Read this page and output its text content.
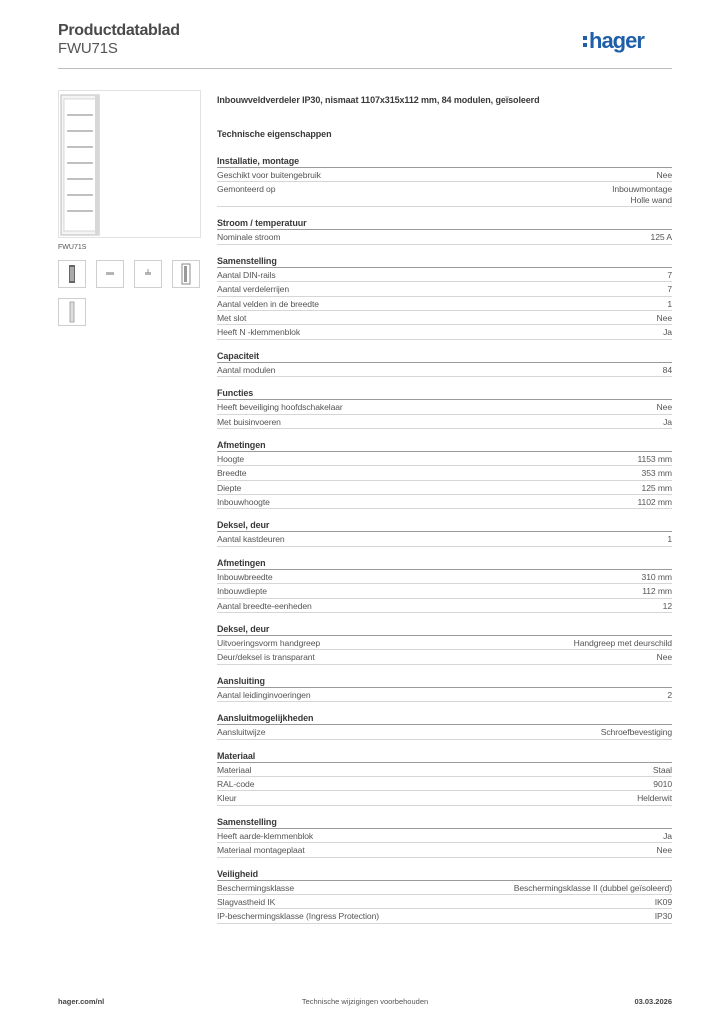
Productdatablad
FWU71S	hager
FWU71S
Inbouwveldverdeler IP30, nismaat 1107x315x112 mm, 84 modulen, geïsoleerd
Technische eigenschappen
Installatie, montage
Geschikt voor buitengebruik	Nee
Gemonteerd op	Inbouwmontage
Holle wand
Stroom / temperatuur
Nominale stroom	125 A
Samenstelling
Aantal DIN-rails	7
Aantal verdelerrijen	7
Aantal velden in de breedte	1
Met slot	Nee
Heeft N -klemmenblok	Ja
Capaciteit
Aantal modulen	84
Functies
Heeft beveiliging hoofdschakelaar	Nee
Met buisinvoeren	Ja
Afmetingen
Hoogte	1153 mm
Breedte	353 mm
Diepte	125 mm
Inbouwhoogte	1102 mm
Deksel, deur
Aantal kastdeuren	1
Afmetingen
Inbouwbreedte	310 mm
Inbouwdiepte	112 mm
Aantal breedte-eenheden	12
Deksel, deur
Uitvoeringsvorm handgreep	Handgreep met deurschild
Deur/deksel is transparant	Nee
Aansluiting
Aantal leidinginvoeringen	2
Aansluitmogelijkheden
Aansluitwijze	Schroefbevestiging
Materiaal
Materiaal	Staal
RAL-code	9010
Kleur	Helderwit
Samenstelling
Heeft aarde-klemmenblok	Ja
Materiaal montageplaat	Nee
Veiligheid
Beschermingsklasse	Beschermingsklasse II (dubbel geïsoleerd)
Slagvastheid IK	IK09
IP-beschermingsklasse (Ingress Protection)	IP30
Technische wijzigingen voorbehouden
hager.com/nl	03.03.2026
